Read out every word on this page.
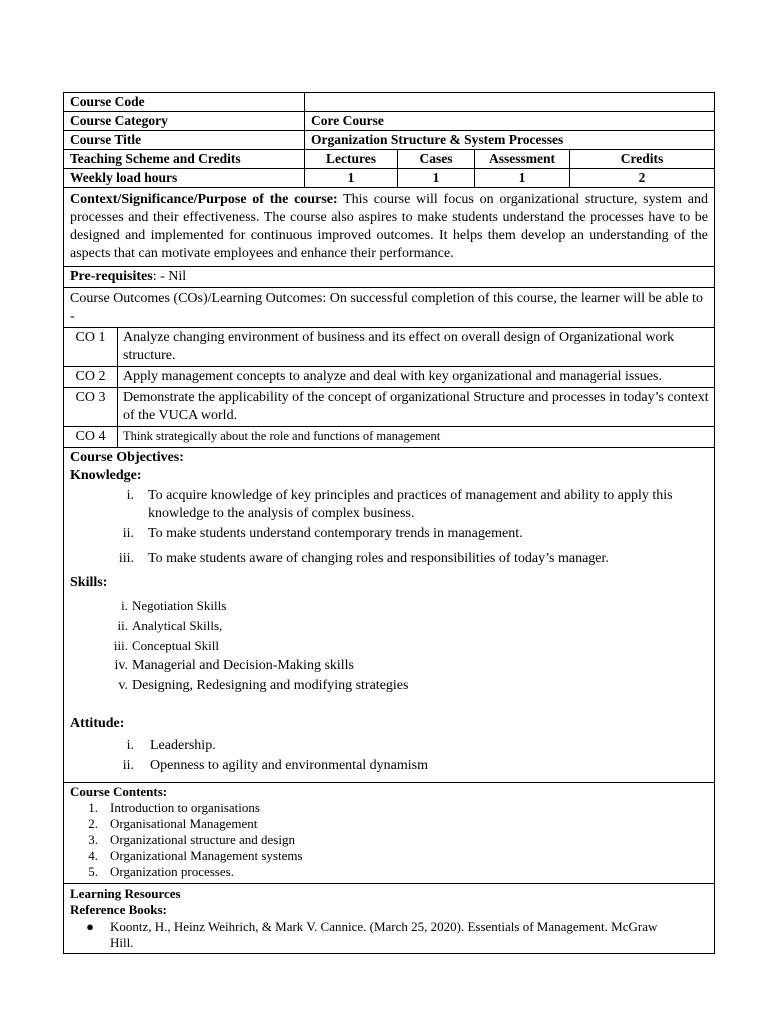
Course Code
Course Category	Core Course
Course Title	Organization Structure & System Processes
Teaching Scheme and Credits	Lectures	Cases	Assessment	Credits
Weekly load hours	1	1	1	2
Context/Significance/Purpose of the course: This course will focus on organizational structure, system and processes and their effectiveness. The course also aspires to make students understand the processes have to be designed and implemented for continuous improved outcomes. It helps them develop an understanding of the aspects that can motivate employees and enhance their performance.
Pre-requisites: - Nil
Course Outcomes (COs)/Learning Outcomes: On successful completion of this course, the learner will be able to -
CO 1	Analyze changing environment of business and its effect on overall design of Organizational work structure.
CO 2	Apply management concepts to analyze and deal with key organizational and managerial issues.
CO 3	Demonstrate the applicability of the concept of organizational Structure and processes in today’s context of the VUCA world.
CO 4	Think strategically about the role and functions of management
Course Objectives:
Knowledge:
i.	To acquire knowledge of key principles and practices of management and ability to apply this knowledge to the analysis of complex business.
ii.	To make students understand contemporary trends in management.
iii.	To make students aware of changing roles and responsibilities of today’s manager.
Skills:
i. Negotiation Skills
ii. Analytical Skills,
iii. Conceptual Skill
iv. Managerial and Decision-Making skills
v. Designing, Redesigning and modifying strategies
Attitude:
i.	Leadership.
ii.	Openness to agility and environmental dynamism
Course Contents:
1. Introduction to organisations
2. Organisational Management
3. Organizational structure and design
4. Organizational Management systems
5. Organization processes.
Learning Resources
Reference Books:
●	Koontz, H., Heinz Weihrich, & Mark V. Cannice. (March 25, 2020). Essentials of Management. McGraw Hill.
